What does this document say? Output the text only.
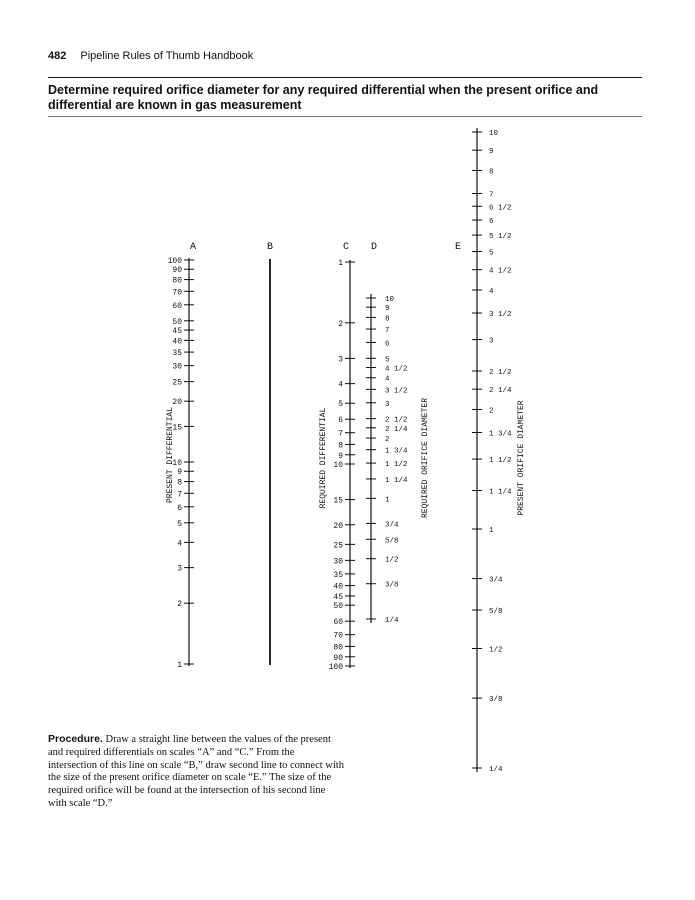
482 Pipeline Rules of Thumb Handbook
Determine required orifice diameter for any required differential when the present orifice and differential are known in gas measurement
A	B	C D	E
1
2
3
4
5
6
7
8
9
10
15
20
25
30
35
40
45
50
60
70
80
90
100	1
2
3
4
5
6
7
8
9
10
15
20
25
30
35
40
45
50
60
70
80
90
100
10
9
8
7
6
5
4 1/2
4
3 1/2
3
2 1/2
2 1/4
2
1 3/4
1 1/2
1 1/4
1
3/4
5/8
1/2
3/8
1/4
10
9
8
7
6 1/2
6
5 1/2
5
4 1/2
4
3 1/2
3
2 1/2
2 1/4
2
1 3/4
1 1/2
1 1/4
1
3/4
5/8
1/2
3/8
1/4
PRESENT DIFFERENTIAL	REQUIRED DIFFERENTIAL	REQUIRED ORIFICE DIAMETER	PRESENT ORIFICE DIAMETER
Procedure. Draw a straight line between the values of the present and required differentials on scales “A” and “C.” From the intersection of this line on scale “B,” draw second line to connect with the size of the present orifice diameter on scale “E.” The size of the required orifice will be found at the intersection of his second line with scale “D.”
